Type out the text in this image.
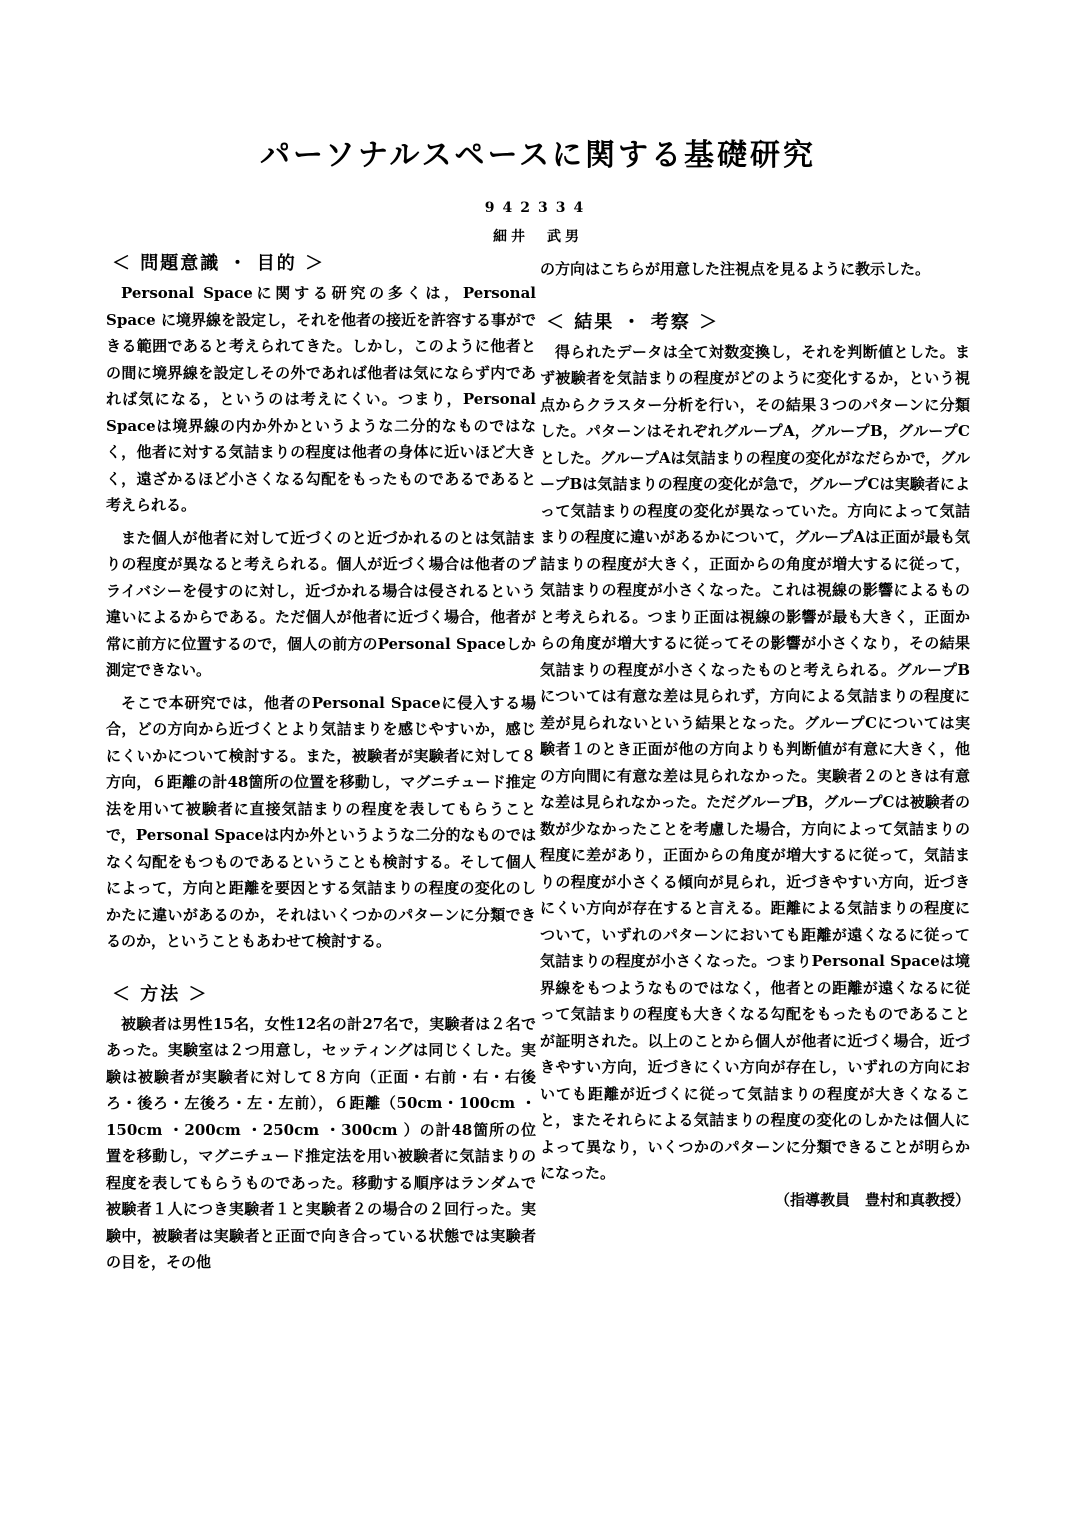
パーソナルスペースに関する基礎研究
942334
細井　武男
＜ 問題意識 ・ 目的 ＞

Personal Spaceに関する研究の多くは，Personal Space に境界線を設定し，それを他者の接近を許容する事ができる範囲であると考えられてきた。しかし，このように他者との間に境界線を設定しその外であれば他者は気にならず内であれば気になる，というのは考えにくい。つまり，Personal Spaceは境界線の内か外かというような二分的なものではなく，他者に対する気詰まりの程度は他者の身体に近いほど大きく，遠ざかるほど小さくなる勾配をもったものであるであると考えられる。

また個人が他者に対して近づくのと近づかれるのとは気詰まりの程度が異なると考えられる。個人が近づく場合は他者のプライバシーを侵すのに対し，近づかれる場合は侵されるという違いによるからである。ただ個人が他者に近づく場合，他者が常に前方に位置するので，個人の前方のPersonal Spaceしか測定できない。

そこで本研究では，他者のPersonal Spaceに侵入する場合，どの方向から近づくとより気詰まりを感じやすいか，感じにくいかについて検討する。また，被験者が実験者に対して８方向，６距離の計48箇所の位置を移動し，マグニチュード推定法を用いて被験者に直接気詰まりの程度を表してもらうことで，Personal Spaceは内か外というような二分的なものではなく勾配をもつものであるということも検討する。そして個人によって，方向と距離を要因とする気詰まりの程度の変化のしかたに違いがあるのか，それはいくつかのパターンに分類できるのか，ということもあわせて検討する。

＜ 方法 ＞

被験者は男性15名，女性12名の計27名で，実験者は２名であった。実験室は２つ用意し，セッティングは同じくした。実験は被験者が実験者に対して８方向（正面・右前・右・右後ろ・後ろ・左後ろ・左・左前），６距離（50cm・100cm ・150cm ・200cm ・250cm ・300cm ）の計48箇所の位置を移動し，マグニチュード推定法を用い被験者に気詰まりの程度を表してもらうものであった。移動する順序はランダムで被験者１人につき実験者１と実験者２の場合の２回行った。実験中，被験者は実験者と正面で向き合っている状態では実験者の目を，その他

の方向はこちらが用意した注視点を見るように教示した。

＜ 結果 ・ 考察 ＞

得られたデータは全て対数変換し，それを判断値とした。まず被験者を気詰まりの程度がどのように変化するか，という視点からクラスター分析を行い，その結果３つのパターンに分類した。パターンはそれぞれグループA，グループB，グループCとした。グループAは気詰まりの程度の変化がなだらかで，グループBは気詰まりの程度の変化が急で，グループCは実験者によって気詰まりの程度の変化が異なっていた。方向によって気詰まりの程度に違いがあるかについて，グループAは正面が最も気詰まりの程度が大きく，正面からの角度が増大するに従って，気詰まりの程度が小さくなった。これは視線の影響によるものと考えられる。つまり正面は視線の影響が最も大きく，正面からの角度が増大するに従ってその影響が小さくなり，その結果気詰まりの程度が小さくなったものと考えられる。グループBについては有意な差は見られず，方向による気詰まりの程度に差が見られないという結果となった。グループCについては実験者１のとき正面が他の方向よりも判断値が有意に大きく，他の方向間に有意な差は見られなかった。実験者２のときは有意な差は見られなかった。ただグループB，グループCは被験者の数が少なかったことを考慮した場合，方向によって気詰まりの程度に差があり，正面からの角度が増大するに従って，気詰まりの程度が小さくる傾向が見られ，近づきやすい方向，近づきにくい方向が存在すると言える。距離による気詰まりの程度について，いずれのパターンにおいても距離が遠くなるに従って気詰まりの程度が小さくなった。つまりPersonal Spaceは境界線をもつようなものではなく，他者との距離が遠くなるに従って気詰まりの程度も大きくなる勾配をもったものであることが証明された。以上のことから個人が他者に近づく場合，近づきやすい方向，近づきにくい方向が存在し，いずれの方向においても距離が近づくに従って気詰まりの程度が大きくなること，またそれらによる気詰まりの程度の変化のしかたは個人によって異なり，いくつかのパターンに分類できることが明らかになった。

（指導教員　豊村和真教授）
